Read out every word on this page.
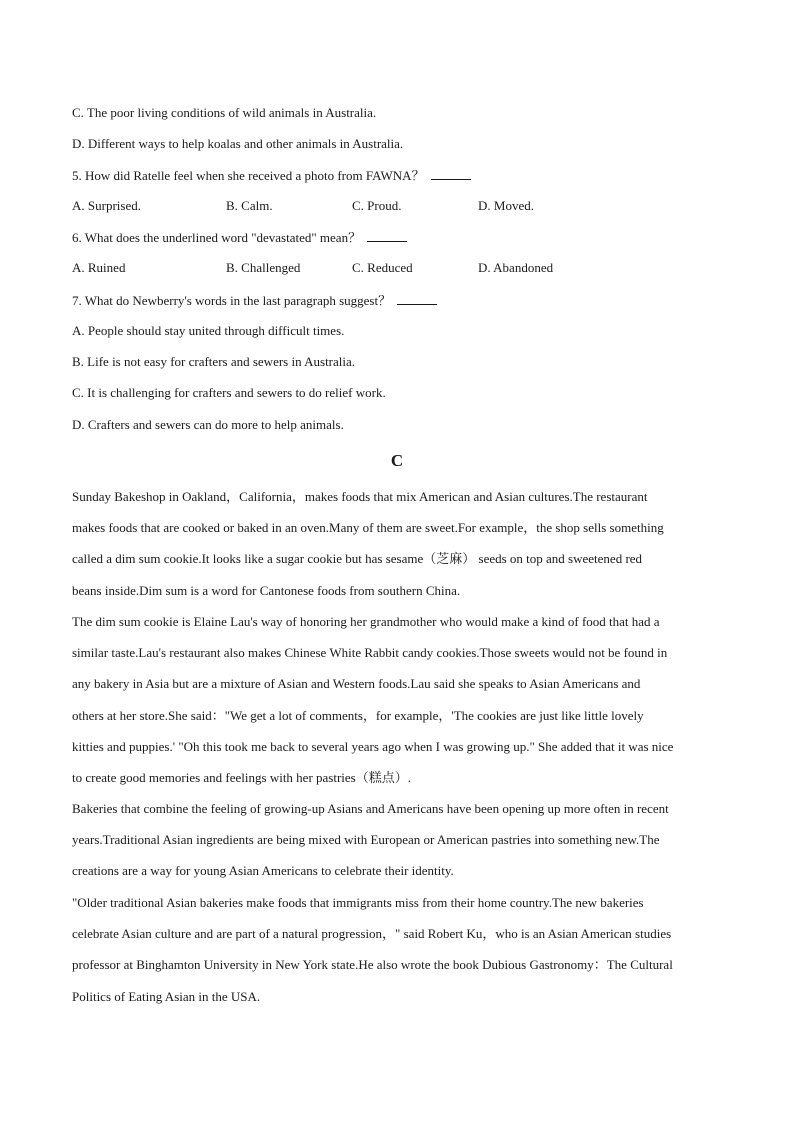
C. The poor living conditions of wild animals in Australia.
D. Different ways to help koalas and other animals in Australia.
5. How did Ratelle feel when she received a photo from FAWNA？
A. Surprised.	B. Calm.	C. Proud.	D. Moved.
6. What does the underlined word "devastated" mean？
A. Ruined	B. Challenged	C. Reduced	D. Abandoned
7. What do Newberry's words in the last paragraph suggest？
A. People should stay united through difficult times.
B. Life is not easy for crafters and sewers in Australia.
C. It is challenging for crafters and sewers to do relief work.
D. Crafters and sewers can do more to help animals.
C
Sunday Bakeshop in Oakland，California，makes foods that mix American and Asian cultures.The restaurant
makes foods that are cooked or baked in an oven.Many of them are sweet.For example，the shop sells something
called a dim sum cookie.It looks like a sugar cookie but has sesame（芝麻） seeds on top and sweetened red
beans inside.Dim sum is a word for Cantonese foods from southern China.
The dim sum cookie is Elaine Lau's way of honoring her grandmother who would make a kind of food that had a
similar taste.Lau's restaurant also makes Chinese White Rabbit candy cookies.Those sweets would not be found in
any bakery in Asia but are a mixture of Asian and Western foods.Lau said she speaks to Asian Americans and
others at her store.She said："We get a lot of comments，for example，'The cookies are just like little lovely
kitties and puppies.' "Oh this took me back to several years ago when I was growing up." She added that it was nice
to create good memories and feelings with her pastries（糕点）.
Bakeries that combine the feeling of growing-up Asians and Americans have been opening up more often in recent
years.Traditional Asian ingredients are being mixed with European or American pastries into something new.The
creations are a way for young Asian Americans to celebrate their identity.
"Older traditional Asian bakeries make foods that immigrants miss from their home country.The new bakeries
celebrate Asian culture and are part of a natural progression，" said Robert Ku，who is an Asian American studies
professor at Binghamton University in New York state.He also wrote the book Dubious Gastronomy：The Cultural
Politics of Eating Asian in the USA.
